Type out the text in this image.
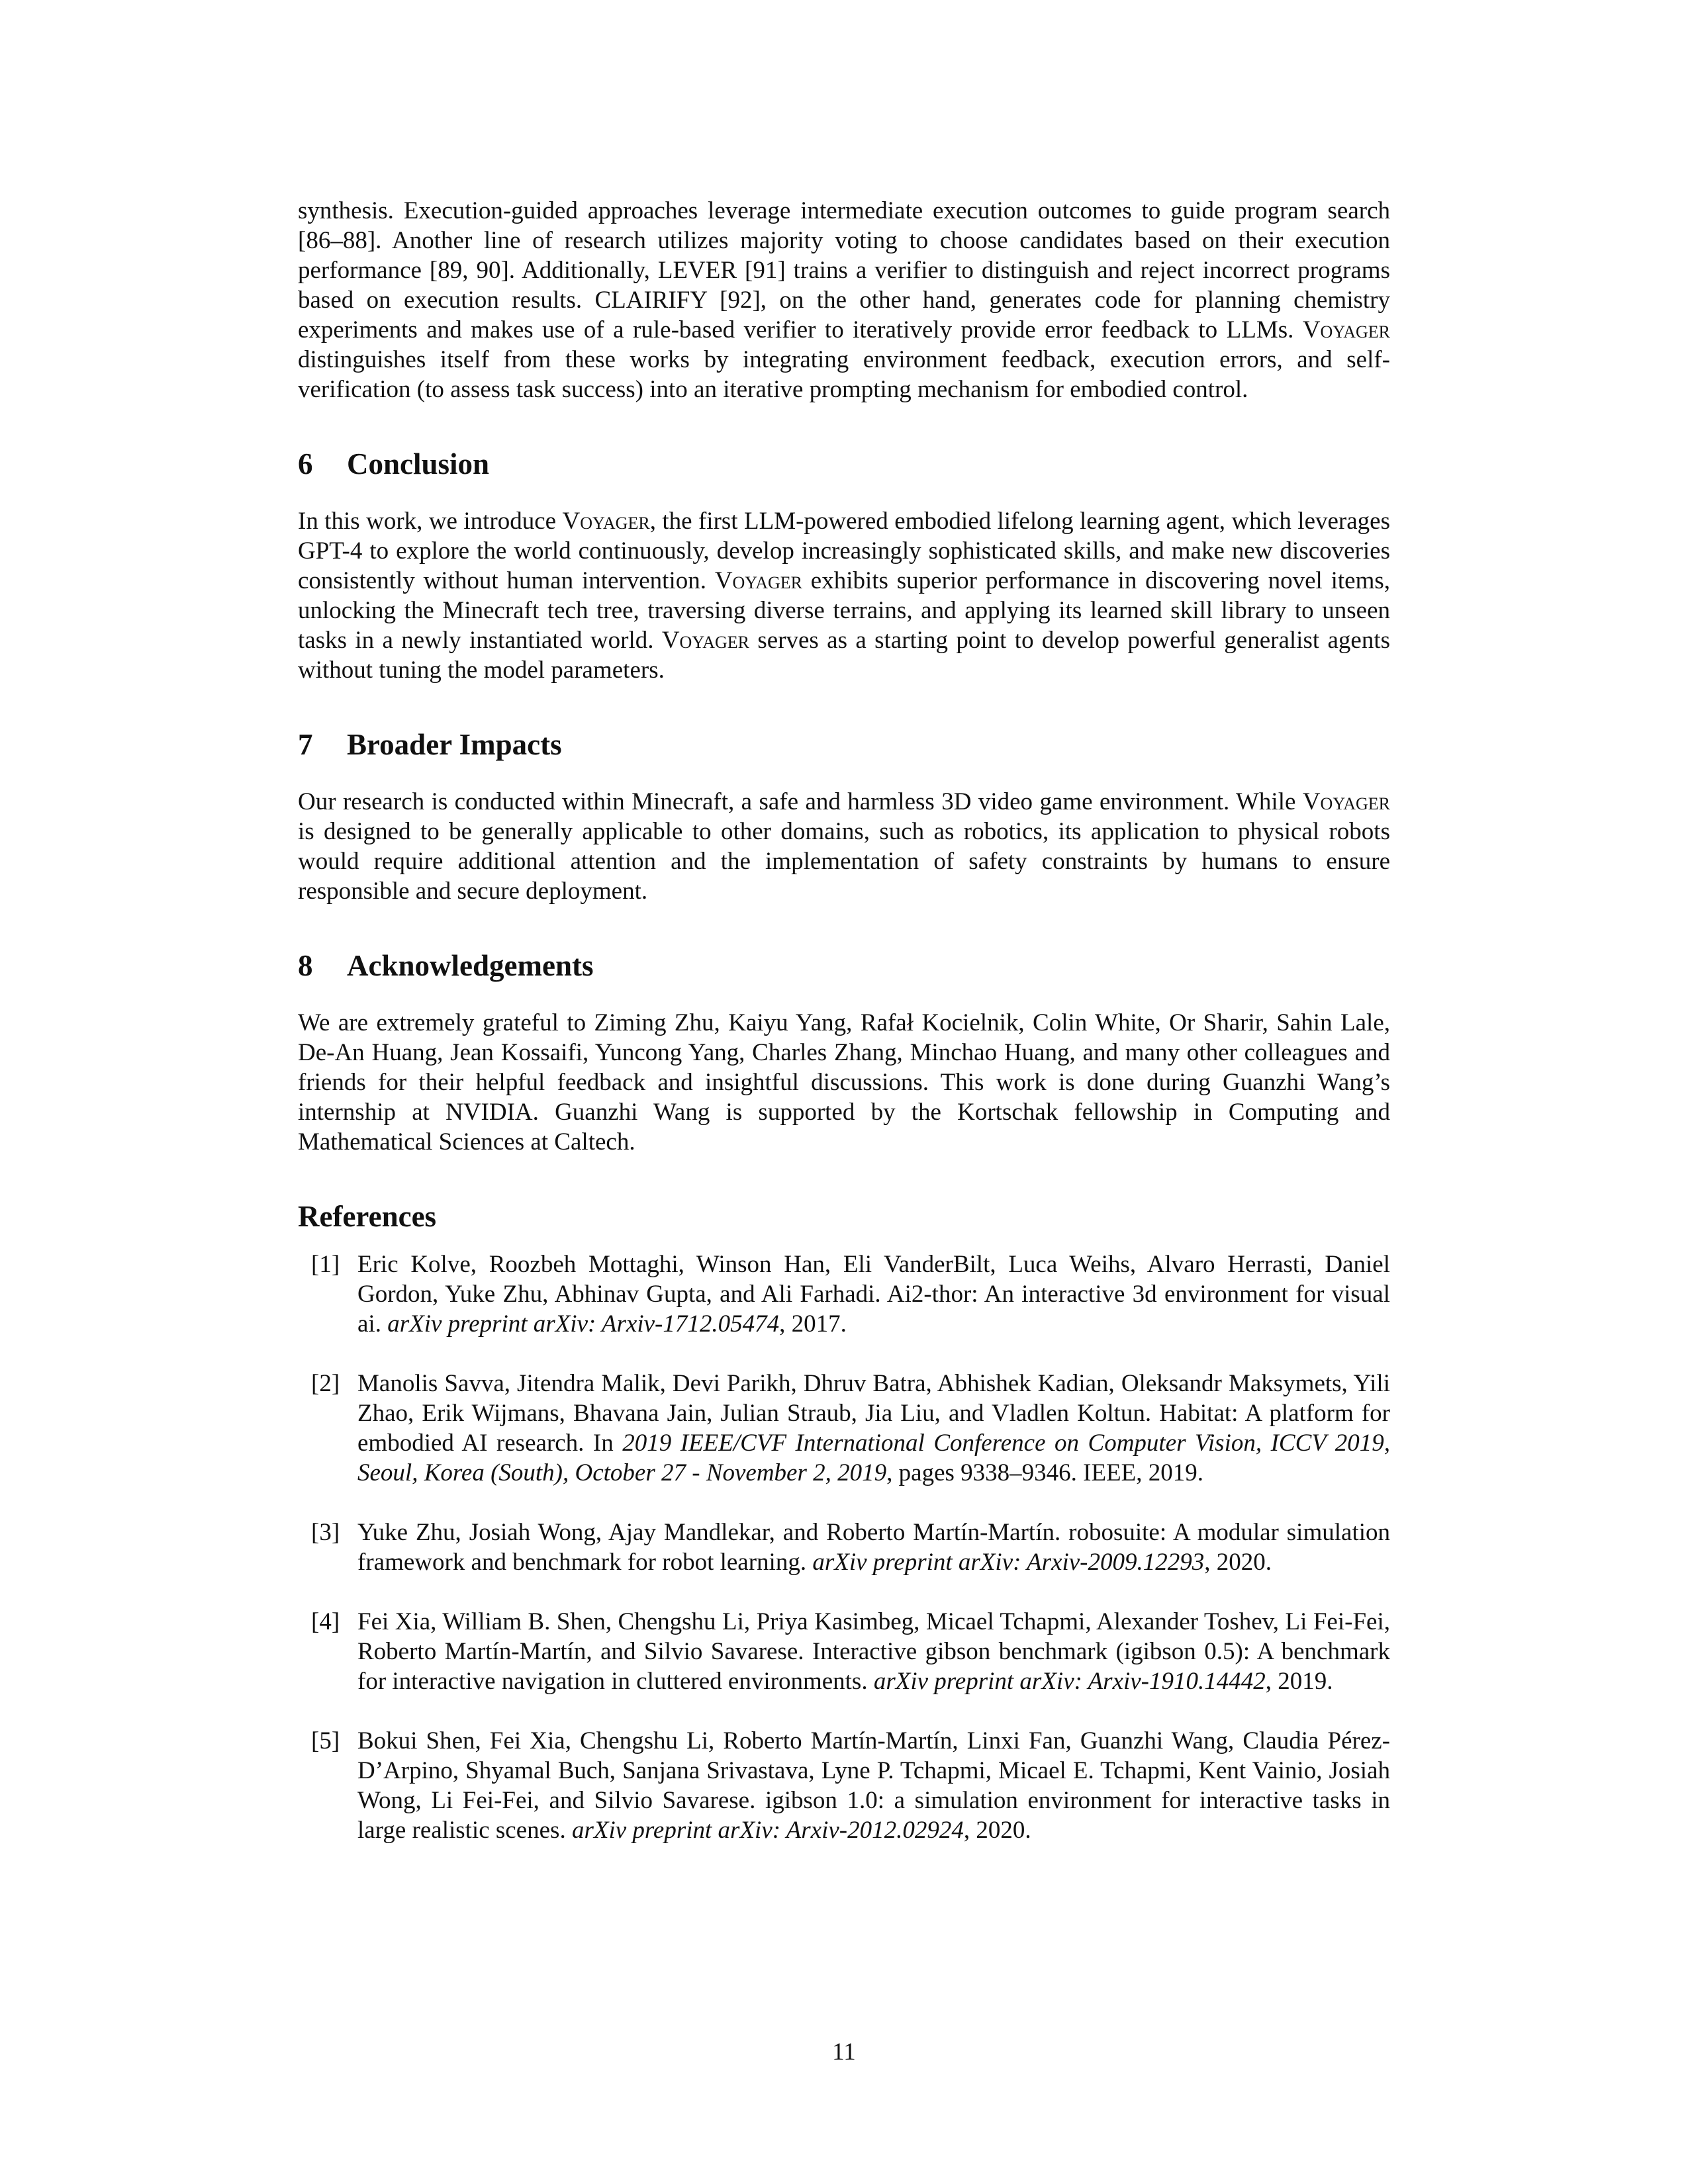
synthesis. Execution-guided approaches leverage intermediate execution outcomes to guide program search [86–88]. Another line of research utilizes majority voting to choose candidates based on their execution performance [89, 90]. Additionally, LEVER [91] trains a verifier to distinguish and reject incorrect programs based on execution results. CLAIRIFY [92], on the other hand, generates code for planning chemistry experiments and makes use of a rule-based verifier to iteratively provide error feedback to LLMs. Voyager distinguishes itself from these works by integrating environment feedback, execution errors, and self-verification (to assess task success) into an iterative prompting mechanism for embodied control.

6 Conclusion

In this work, we introduce Voyager, the first LLM-powered embodied lifelong learning agent, which leverages GPT-4 to explore the world continuously, develop increasingly sophisticated skills, and make new discoveries consistently without human intervention. Voyager exhibits superior performance in discovering novel items, unlocking the Minecraft tech tree, traversing diverse terrains, and applying its learned skill library to unseen tasks in a newly instantiated world. Voyager serves as a starting point to develop powerful generalist agents without tuning the model parameters.

7 Broader Impacts

Our research is conducted within Minecraft, a safe and harmless 3D video game environment. While Voyager is designed to be generally applicable to other domains, such as robotics, its application to physical robots would require additional attention and the implementation of safety constraints by humans to ensure responsible and secure deployment.

8 Acknowledgements

We are extremely grateful to Ziming Zhu, Kaiyu Yang, Rafał Kocielnik, Colin White, Or Sharir, Sahin Lale, De-An Huang, Jean Kossaifi, Yuncong Yang, Charles Zhang, Minchao Huang, and many other colleagues and friends for their helpful feedback and insightful discussions. This work is done during Guanzhi Wang’s internship at NVIDIA. Guanzhi Wang is supported by the Kortschak fellowship in Computing and Mathematical Sciences at Caltech.

References
[1] Eric Kolve, Roozbeh Mottaghi, Winson Han, Eli VanderBilt, Luca Weihs, Alvaro Herrasti, Daniel Gordon, Yuke Zhu, Abhinav Gupta, and Ali Farhadi. Ai2-thor: An interactive 3d environment for visual ai. arXiv preprint arXiv: Arxiv-1712.05474, 2017.
[2] Manolis Savva, Jitendra Malik, Devi Parikh, Dhruv Batra, Abhishek Kadian, Oleksandr Maksymets, Yili Zhao, Erik Wijmans, Bhavana Jain, Julian Straub, Jia Liu, and Vladlen Koltun. Habitat: A platform for embodied AI research. In 2019 IEEE/CVF International Conference on Computer Vision, ICCV 2019, Seoul, Korea (South), October 27 - November 2, 2019, pages 9338–9346. IEEE, 2019.
[3] Yuke Zhu, Josiah Wong, Ajay Mandlekar, and Roberto Martín-Martín. robosuite: A modular simulation framework and benchmark for robot learning. arXiv preprint arXiv: Arxiv-2009.12293, 2020.
[4] Fei Xia, William B. Shen, Chengshu Li, Priya Kasimbeg, Micael Tchapmi, Alexander Toshev, Li Fei-Fei, Roberto Martín-Martín, and Silvio Savarese. Interactive gibson benchmark (igibson 0.5): A benchmark for interactive navigation in cluttered environments. arXiv preprint arXiv: Arxiv-1910.14442, 2019.
[5] Bokui Shen, Fei Xia, Chengshu Li, Roberto Martín-Martín, Linxi Fan, Guanzhi Wang, Claudia Pérez-D’Arpino, Shyamal Buch, Sanjana Srivastava, Lyne P. Tchapmi, Micael E. Tchapmi, Kent Vainio, Josiah Wong, Li Fei-Fei, and Silvio Savarese. igibson 1.0: a simulation environment for interactive tasks in large realistic scenes. arXiv preprint arXiv: Arxiv-2012.02924, 2020.
11
